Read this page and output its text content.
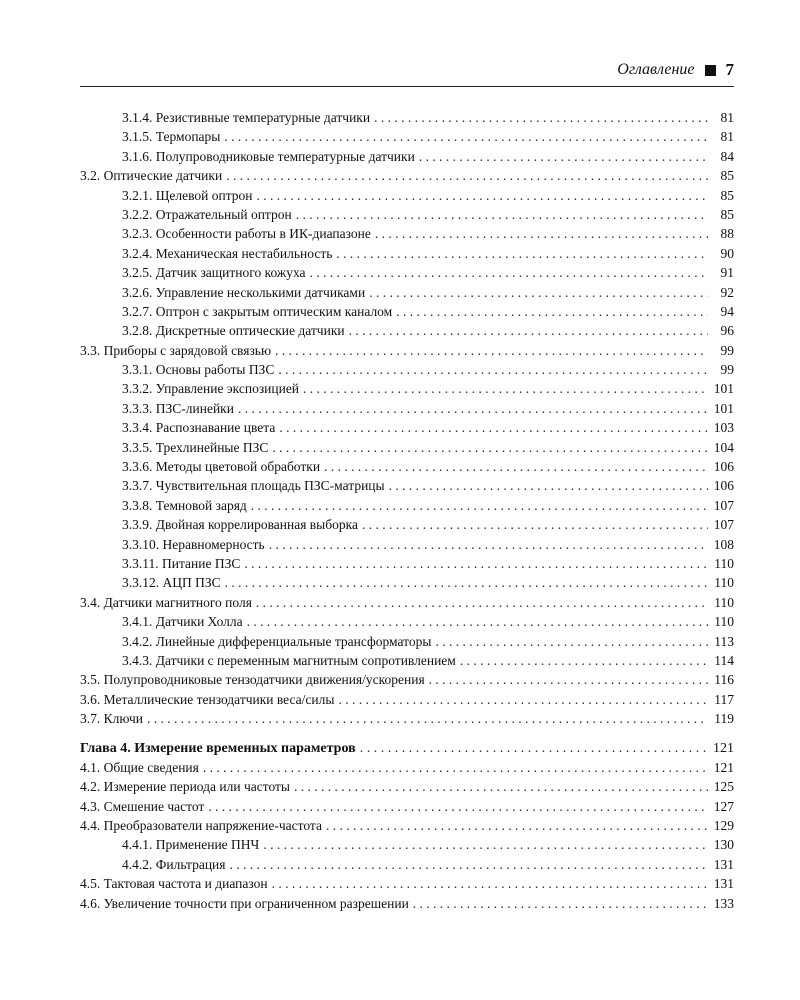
Оглавление 7
3.1.4. Резистивные температурные датчики . . .	81
3.1.5. Термопары . . .	81
3.1.6. Полупроводниковые температурные датчики . . .	84
3.2. Оптические датчики . . .	85
3.2.1. Щелевой оптрон . . .	85
3.2.2. Отражательный оптрон . . .	85
3.2.3. Особенности работы в ИК-диапазоне . . .	88
3.2.4. Механическая нестабильность . . .	90
3.2.5. Датчик защитного кожуха . . .	91
3.2.6. Управление несколькими датчиками . . .	92
3.2.7. Оптрон с закрытым оптическим каналом . . .	94
3.2.8. Дискретные оптические датчики . . .	96
3.3. Приборы с зарядовой связью . . .	99
3.3.1. Основы работы ПЗС . . .	99
3.3.2. Управление экспозицией . . .	101
3.3.3. ПЗС-линейки . . .	101
3.3.4. Распознавание цвета . . .	103
3.3.5. Трехлинейные ПЗС . . .	104
3.3.6. Методы цветовой обработки . . .	106
3.3.7. Чувствительная площадь ПЗС-матрицы . . .	106
3.3.8. Темновой заряд . . .	107
3.3.9. Двойная коррелированная выборка . . .	107
3.3.10. Неравномерность . . .	108
3.3.11. Питание ПЗС . . .	110
3.3.12. АЦП ПЗС . . .	110
3.4. Датчики магнитного поля . . .	110
3.4.1. Датчики Холла . . .	110
3.4.2. Линейные дифференциальные трансформаторы . . .	113
3.4.3. Датчики с переменным магнитным сопротивлением . . .	114
3.5. Полупроводниковые тензодатчики движения/ускорения . . .	116
3.6. Металлические тензодатчики веса/силы . . .	117
3.7. Ключи . . .	119
Глава 4. Измерение временных параметров . . .	121
4.1. Общие сведения . . .	121
4.2. Измерение периода или частоты . . .	125
4.3. Смешение частот . . .	127
4.4. Преобразователи напряжение-частота . . .	129
4.4.1. Применение ПНЧ . . .	130
4.4.2. Фильтрация . . .	131
4.5. Тактовая частота и диапазон . . .	131
4.6. Увеличение точности при ограниченном разрешении . . .	133
